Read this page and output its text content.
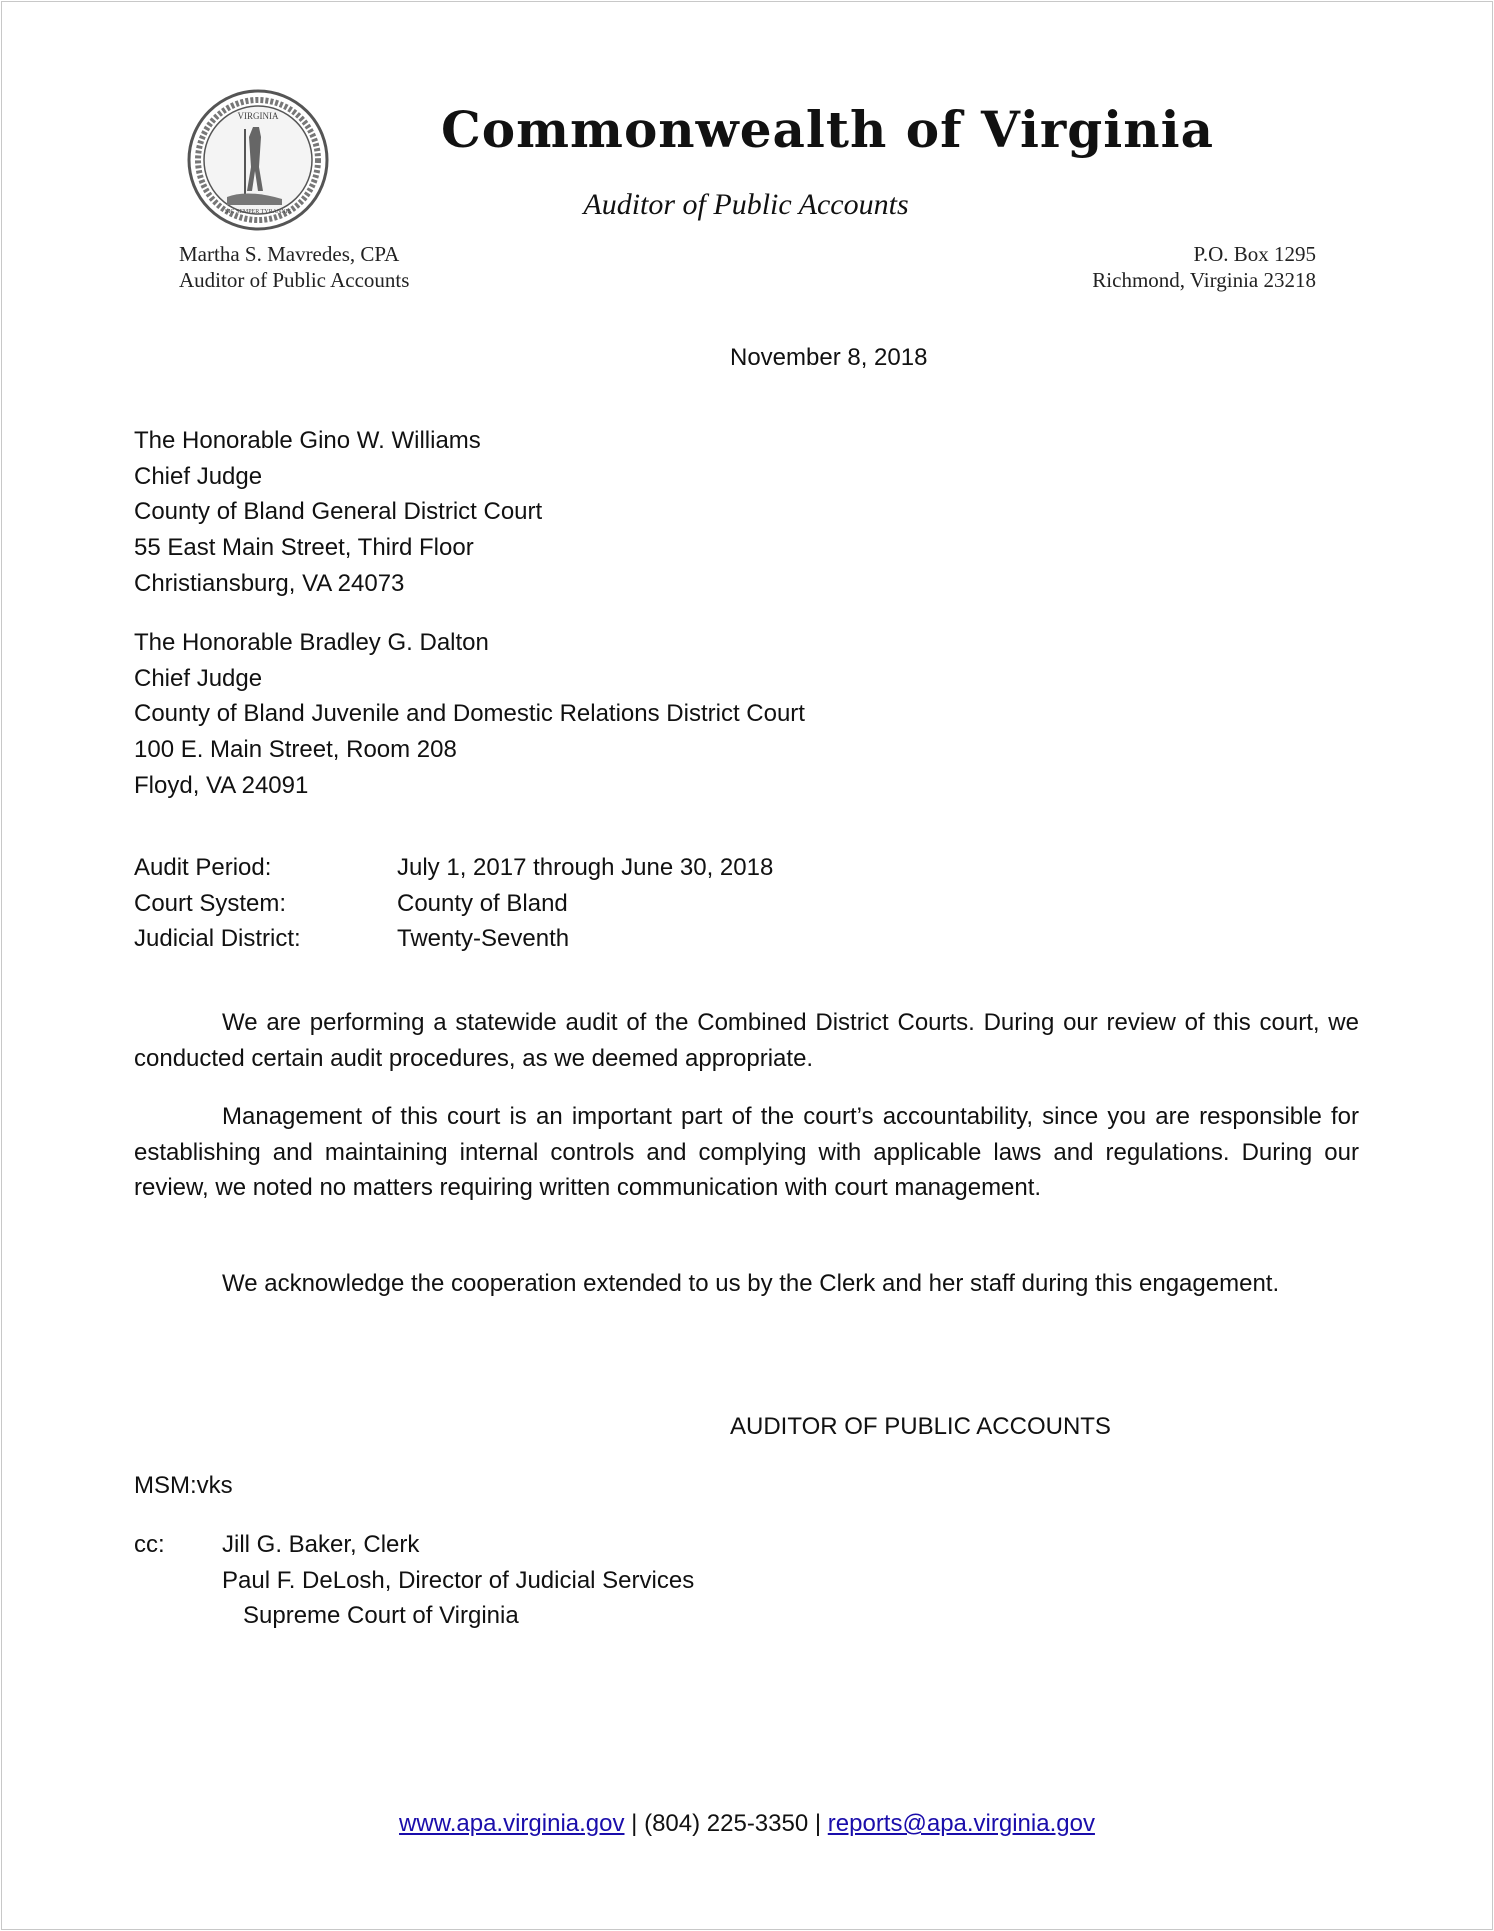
VIRGINIA
SIC SEMPER TYRANNIS
Commonwealth of Virginia
Auditor of Public Accounts
Martha S. Mavredes, CPA
Auditor of Public Accounts
P.O. Box 1295
Richmond, Virginia 23218
November 8, 2018
The Honorable Gino W. Williams
Chief Judge
County of Bland General District Court
55 East Main Street, Third Floor
Christiansburg, VA 24073
The Honorable Bradley G. Dalton
Chief Judge
County of Bland Juvenile and Domestic Relations District Court
100 E. Main Street, Room 208
Floyd, VA 24091
Audit Period:	July 1, 2017 through June 30, 2018
Court System:	County of Bland
Judicial District:	Twenty-Seventh
We are performing a statewide audit of the Combined District Courts. During our review of this court, we conducted certain audit procedures, as we deemed appropriate.
Management of this court is an important part of the court’s accountability, since you are responsible for establishing and maintaining internal controls and complying with applicable laws and regulations. During our review, we noted no matters requiring written communication with court management.
We acknowledge the cooperation extended to us by the Clerk and her staff during this engagement.
AUDITOR OF PUBLIC ACCOUNTS
MSM:vks
cc: Jill G. Baker, Clerk
Paul F. DeLosh, Director of Judicial Services
Supreme Court of Virginia
www.apa.virginia.gov | (804) 225-3350 | reports@apa.virginia.gov
